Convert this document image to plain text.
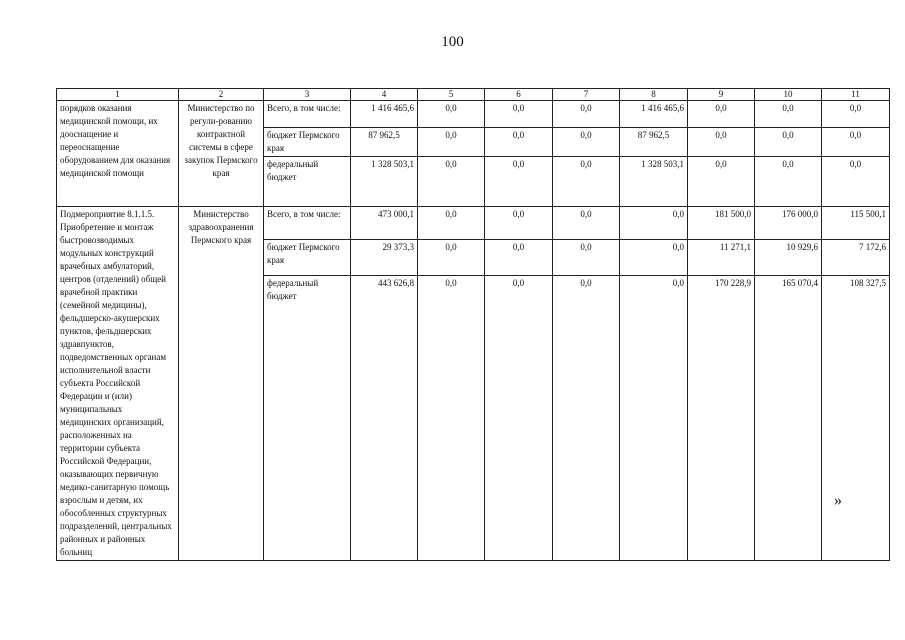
100
1	2	3	4	5	6	7	8	9	10	11
порядков оказания медицинской помощи, их дооснащение и переоснащение оборудованием для оказания медицинской помощи	Министерство по регули-рованию контрактной системы в сфере закупок Пермского края	Всего, в том числе:	1 416 465,6	0,0	0,0	0,0	1 416 465,6	0,0	0,0	0,0
		бюджет Пермского края	87 962,5	0,0	0,0	0,0	87 962,5	0,0	0,0	0,0
		федеральный бюджет	1 328 503,1	0,0	0,0	0,0	1 328 503,1	0,0	0,0	0,0
Подмероприятие 8.1.1.5. Приобретение и монтаж быстровозводимых модульных конструкций врачебных амбулаторий, центров (отделений) общей врачебной практики (семейной медицины), фельдшерско-акушерских пунктов, фельдшерских здравпунктов, подведомственных органам исполнительной власти субъекта Российской Федерации и (или) муниципальных медицинских организаций, расположенных на территории субъекта Российской Федерации, оказывающих первичную медико-санитарную помощь взрослым и детям, их обособленных структурных подразделений, центральных районных и районных больниц	Министерство здравоохранения Пермского края	Всего, в том числе:	473 000,1	0,0	0,0	0,0	0,0	181 500,0	176 000,0	115 500,1
		бюджет Пермского края	29 373,3	0,0	0,0	0,0	0,0	11 271,1	10 929,6	7 172,6
		федеральный бюджет	443 626,8	0,0	0,0	0,0	0,0	170 228,9	165 070,4	108 327,5
»
